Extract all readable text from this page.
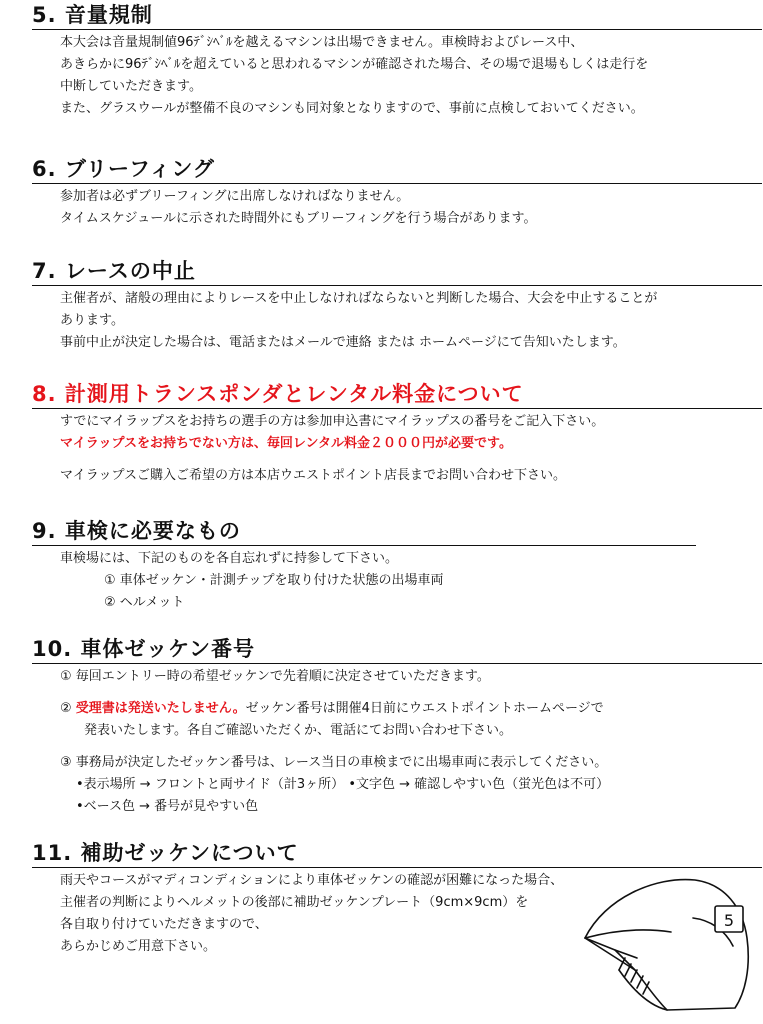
5. 音量規制

本大会は音量規制値96ﾃﾞｼﾍﾞﾙを越えるマシンは出場できません。車検時およびレース中、

あきらかに96ﾃﾞｼﾍﾞﾙを超えていると思われるマシンが確認された場合、その場で退場もしくは走行を

中断していただきます。

また、グラスウールが整備不良のマシンも同対象となりますので、事前に点検しておいてください。

6. ブリーフィング

参加者は必ずブリーフィングに出席しなければなりません。

タイムスケジュールに示された時間外にもブリーフィングを行う場合があります。

7. レースの中止

主催者が、諸般の理由によりレースを中止しなければならないと判断した場合、大会を中止することが

あります。

事前中止が決定した場合は、電話またはメールで連絡 または ホームページにて告知いたします。

8. 計測用トランスポンダとレンタル料金について

すでにマイラップスをお持ちの選手の方は参加申込書にマイラップスの番号をご記入下さい。

マイラップスをお持ちでない方は、毎回レンタル料金２０００円が必要です。

マイラップスご購入ご希望の方は本店ウエストポイント店長までお問い合わせ下さい。

9. 車検に必要なもの

車検場には、下記のものを各自忘れずに持参して下さい。

① 車体ゼッケン・計測チップを取り付けた状態の出場車両

② ヘルメット

10. 車体ゼッケン番号

① 毎回エントリー時の希望ゼッケンで先着順に決定させていただきます。

② 受理書は発送いたしません。ゼッケン番号は開催4日前にウエストポイントホームページで

発表いたします。各自ご確認いただくか、電話にてお問い合わせ下さい。

③ 事務局が決定したゼッケン番号は、レース当日の車検までに出場車両に表示してください。

•表示場所 → フロントと両サイド（計3ヶ所） •文字色 → 確認しやすい色（蛍光色は不可）

•ベース色 → 番号が見やすい色

11. 補助ゼッケンについて

雨天やコースがマディコンディションにより車体ゼッケンの確認が困難になった場合、

主催者の判断によりヘルメットの後部に補助ゼッケンプレート（9cm×9cm）を

各自取り付けていただきますので、

あらかじめご用意下さい。

5
